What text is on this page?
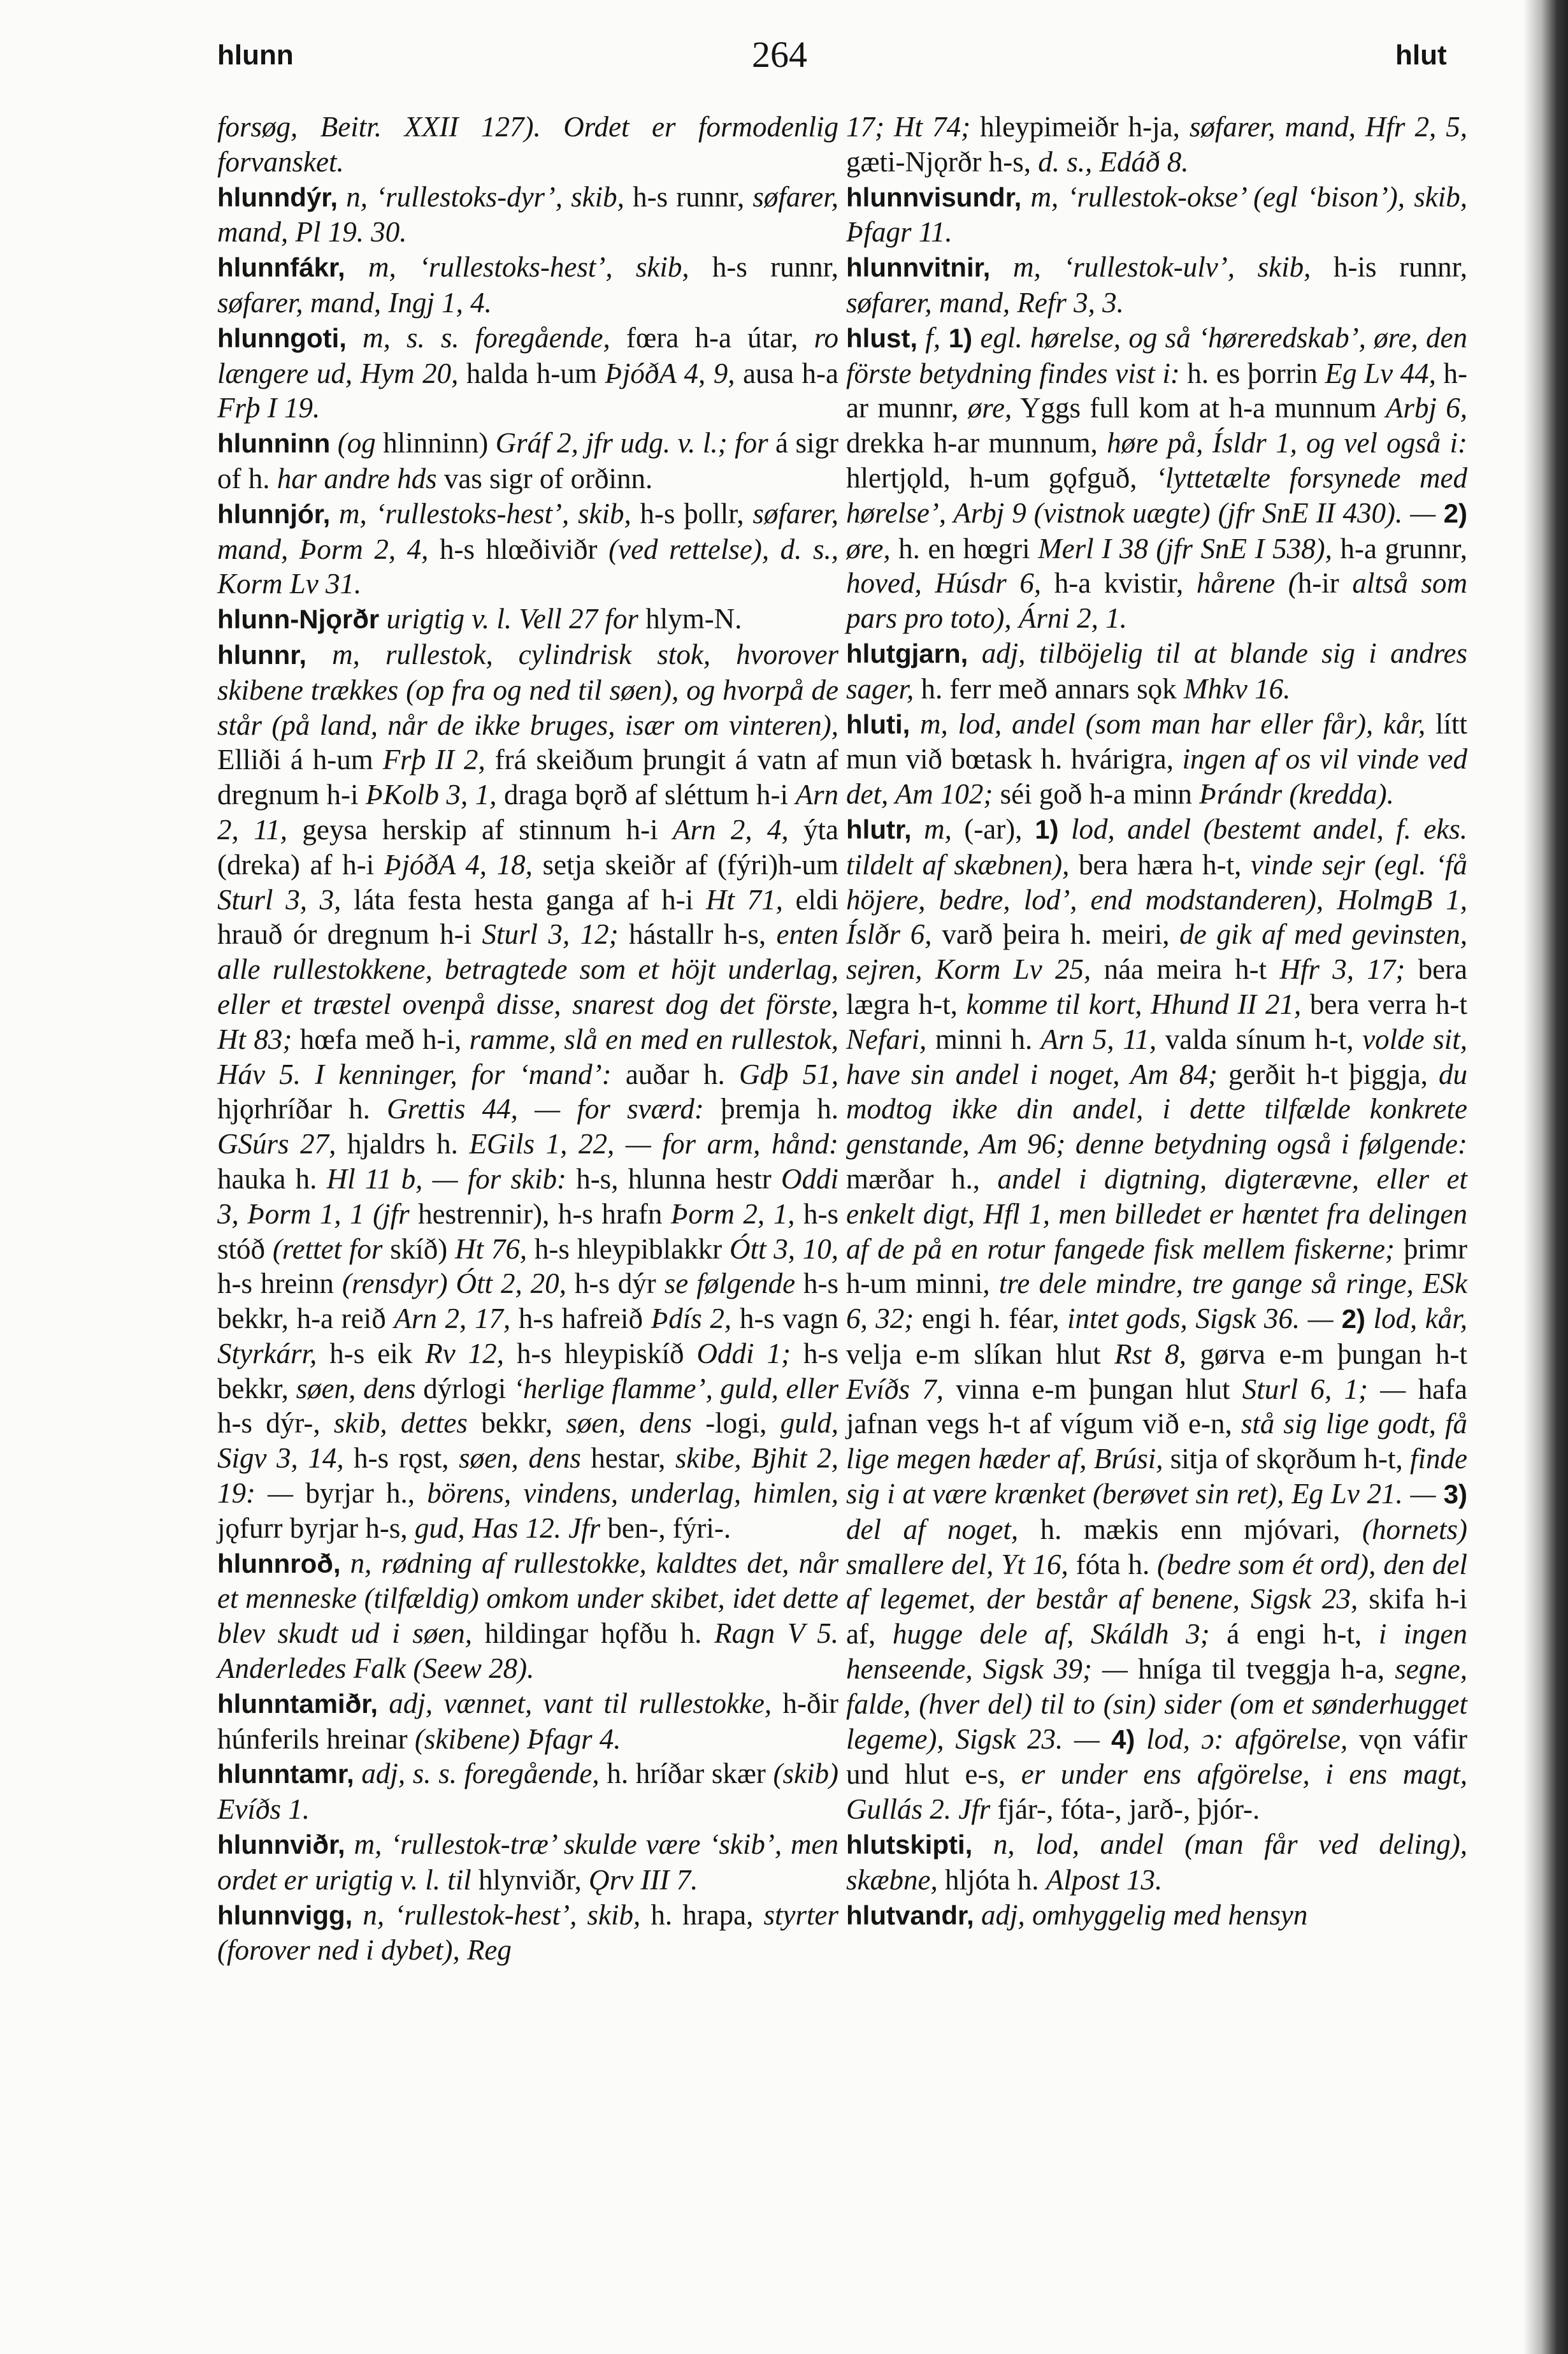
hlunn	264	hlut

forsøg, Beitr. XXII 127). Ordet er formodenlig forvansket.

hlunndýr, n, ‘rullestoks-dyr’, skib, h-s runnr, søfarer, mand, Pl 19. 30.

hlunnfákr, m, ‘rullestoks-hest’, skib, h-s runnr, søfarer, mand, Ingj 1, 4.

hlunngoti, m, s. s. foregående, fœra h-a útar, ro længere ud, Hym 20, halda h-um ÞjóðA 4, 9, ausa h-a Frþ I 19.

hlunninn (og hlinninn) Gráf 2, jfr udg. v. l.; for á sigr of h. har andre hds vas sigr of orðinn.

hlunnjór, m, ‘rullestoks-hest’, skib, h-s þollr, søfarer, mand, Þorm 2, 4, h-s hlœðiviðr (ved rettelse), d. s., Korm Lv 31.

hlunn-Njǫrðr urigtig v. l. Vell 27 for hlym-N.

hlunnr, m, rullestok, cylindrisk stok, hvorover skibene trækkes (op fra og ned til søen), og hvorpå de står (på land, når de ikke bruges, især om vinteren), Elliði á h-um Frþ II 2, frá skeiðum þrungit á vatn af dregnum h-i ÞKolb 3, 1, draga bǫrð af sléttum h-i Arn 2, 11, geysa herskip af stinnum h-i Arn 2, 4, ýta (dreka) af h-i ÞjóðA 4, 18, setja skeiðr af (fýri)h-um Sturl 3, 3, láta festa hesta ganga af h-i Ht 71, eldi hrauð ór dregnum h-i Sturl 3, 12; hástallr h-s, enten alle rullestokkene, betragtede som et höjt underlag, eller et træstel ovenpå disse, snarest dog det förste, Ht 83; hœfa með h-i, ramme, slå en med en rullestok, Háv 5. I kenninger, for ‘mand’: auðar h. Gdþ 51, hjǫrhríðar h. Grettis 44, — for sværd: þremja h. GSúrs 27, hjaldrs h. EGils 1, 22, — for arm, hånd: hauka h. Hl 11 b, — for skib: h-s, hlunna hestr Oddi 3, Þorm 1, 1 (jfr hestrennir), h-s hrafn Þorm 2, 1, h-s stóð (rettet for skíð) Ht 76, h-s hleypiblakkr Ótt 3, 10, h-s hreinn (rensdyr) Ótt 2, 20, h-s dýr se følgende h-s bekkr, h-a reið Arn 2, 17, h-s hafreið Þdís 2, h-s vagn Styrkárr, h-s eik Rv 12, h-s hleypiskíð Oddi 1; h-s bekkr, søen, dens dýrlogi ‘herlige flamme’, guld, eller h-s dýr-, skib, dettes bekkr, søen, dens -logi, guld, Sigv 3, 14, h-s rǫst, søen, dens hestar, skibe, Bjhit 2, 19: — byrjar h., börens, vindens, underlag, himlen, jǫfurr byrjar h-s, gud, Has 12. Jfr ben-, fýri-.

hlunnroð, n, rødning af rullestokke, kaldtes det, når et menneske (tilfældig) omkom under skibet, idet dette blev skudt ud i søen, hildingar hǫfðu h. Ragn V 5. Anderledes Falk (Seew 28).

hlunntamiðr, adj, vænnet, vant til rullestokke, h-ðir húnferils hreinar (skibene) Þfagr 4.

hlunntamr, adj, s. s. foregående, h. hríðar skær (skib) Evíðs 1.

hlunnviðr, m, ‘rullestok-træ’ skulde være ‘skib’, men ordet er urigtig v. l. til hlynviðr, Ǫrv III 7.

hlunnvigg, n, ‘rullestok-hest’, skib, h. hrapa, styrter (forover ned i dybet), Reg

17; Ht 74; hleypimeiðr h-ja, søfarer, mand, Hfr 2, 5, gæti-Njǫrðr h-s, d. s., Edáð 8.

hlunnvisundr, m, ‘rullestok-okse’ (egl ‘bison’), skib, Þfagr 11.

hlunnvitnir, m, ‘rullestok-ulv’, skib, h-is runnr, søfarer, mand, Refr 3, 3.

hlust, f, 1) egl. hørelse, og så ‘høreredskab’, øre, den förste betydning findes vist i: h. es þorrin Eg Lv 44, h-ar munnr, øre, Yggs full kom at h-a munnum Arbj 6, drekka h-ar munnum, høre på, Ísldr 1, og vel også i: hlertjǫld, h-um gǫfguð, ‘lyttetælte forsynede med hørelse’, Arbj 9 (vistnok uægte) (jfr SnE II 430). — 2) øre, h. en hœgri Merl I 38 (jfr SnE I 538), h-a grunnr, hoved, Húsdr 6, h-a kvistir, hårene (h-ir altså som pars pro toto), Árni 2, 1.

hlutgjarn, adj, tilböjelig til at blande sig i andres sager, h. ferr með annars sǫk Mhkv 16.

hluti, m, lod, andel (som man har eller får), kår, lítt mun við bœtask h. hvárigra, ingen af os vil vinde ved det, Am 102; séi goð h-a minn Þrándr (kredda).

hlutr, m, (-ar), 1) lod, andel (bestemt andel, f. eks. tildelt af skæbnen), bera hæra h-t, vinde sejr (egl. ‘få höjere, bedre, lod’, end modstanderen), HolmgB 1, Íslðr 6, varð þeira h. meiri, de gik af med gevinsten, sejren, Korm Lv 25, náa meira h-t Hfr 3, 17; bera lægra h-t, komme til kort, Hhund II 21, bera verra h-t Nefari, minni h. Arn 5, 11, valda sínum h-t, volde sit, have sin andel i noget, Am 84; gerðit h-t þiggja, du modtog ikke din andel, i dette tilfælde konkrete genstande, Am 96; denne betydning også i følgende: mærðar h., andel i digtning, digterævne, eller et enkelt digt, Hfl 1, men billedet er hæntet fra delingen af de på en rotur fangede fisk mellem fiskerne; þrimr h-um minni, tre dele mindre, tre gange så ringe, ESk 6, 32; engi h. féar, intet gods, Sigsk 36. — 2) lod, kår, velja e-m slíkan hlut Rst 8, gørva e-m þungan h-t Evíðs 7, vinna e-m þungan hlut Sturl 6, 1; — hafa jafnan vegs h-t af vígum við e-n, stå sig lige godt, få lige megen hæder af, Brúsi, sitja of skǫrðum h-t, finde sig i at være krænket (berøvet sin ret), Eg Lv 21. — 3) del af noget, h. mækis enn mjóvari, (hornets) smallere del, Yt 16, fóta h. (bedre som ét ord), den del af legemet, der består af benene, Sigsk 23, skifa h-i af, hugge dele af, Skáldh 3; á engi h-t, i ingen henseende, Sigsk 39; — hníga til tveggja h-a, segne, falde, (hver del) til to (sin) sider (om et sønderhugget legeme), Sigsk 23. — 4) lod, ɔ: afgörelse, vǫn váfir und hlut e-s, er under ens afgörelse, i ens magt, Gullás 2. Jfr fjár-, fóta-, jarð-, þjór-.

hlutskipti, n, lod, andel (man får ved deling), skæbne, hljóta h. Alpost 13.

hlutvandr, adj, omhyggelig med hensyn
